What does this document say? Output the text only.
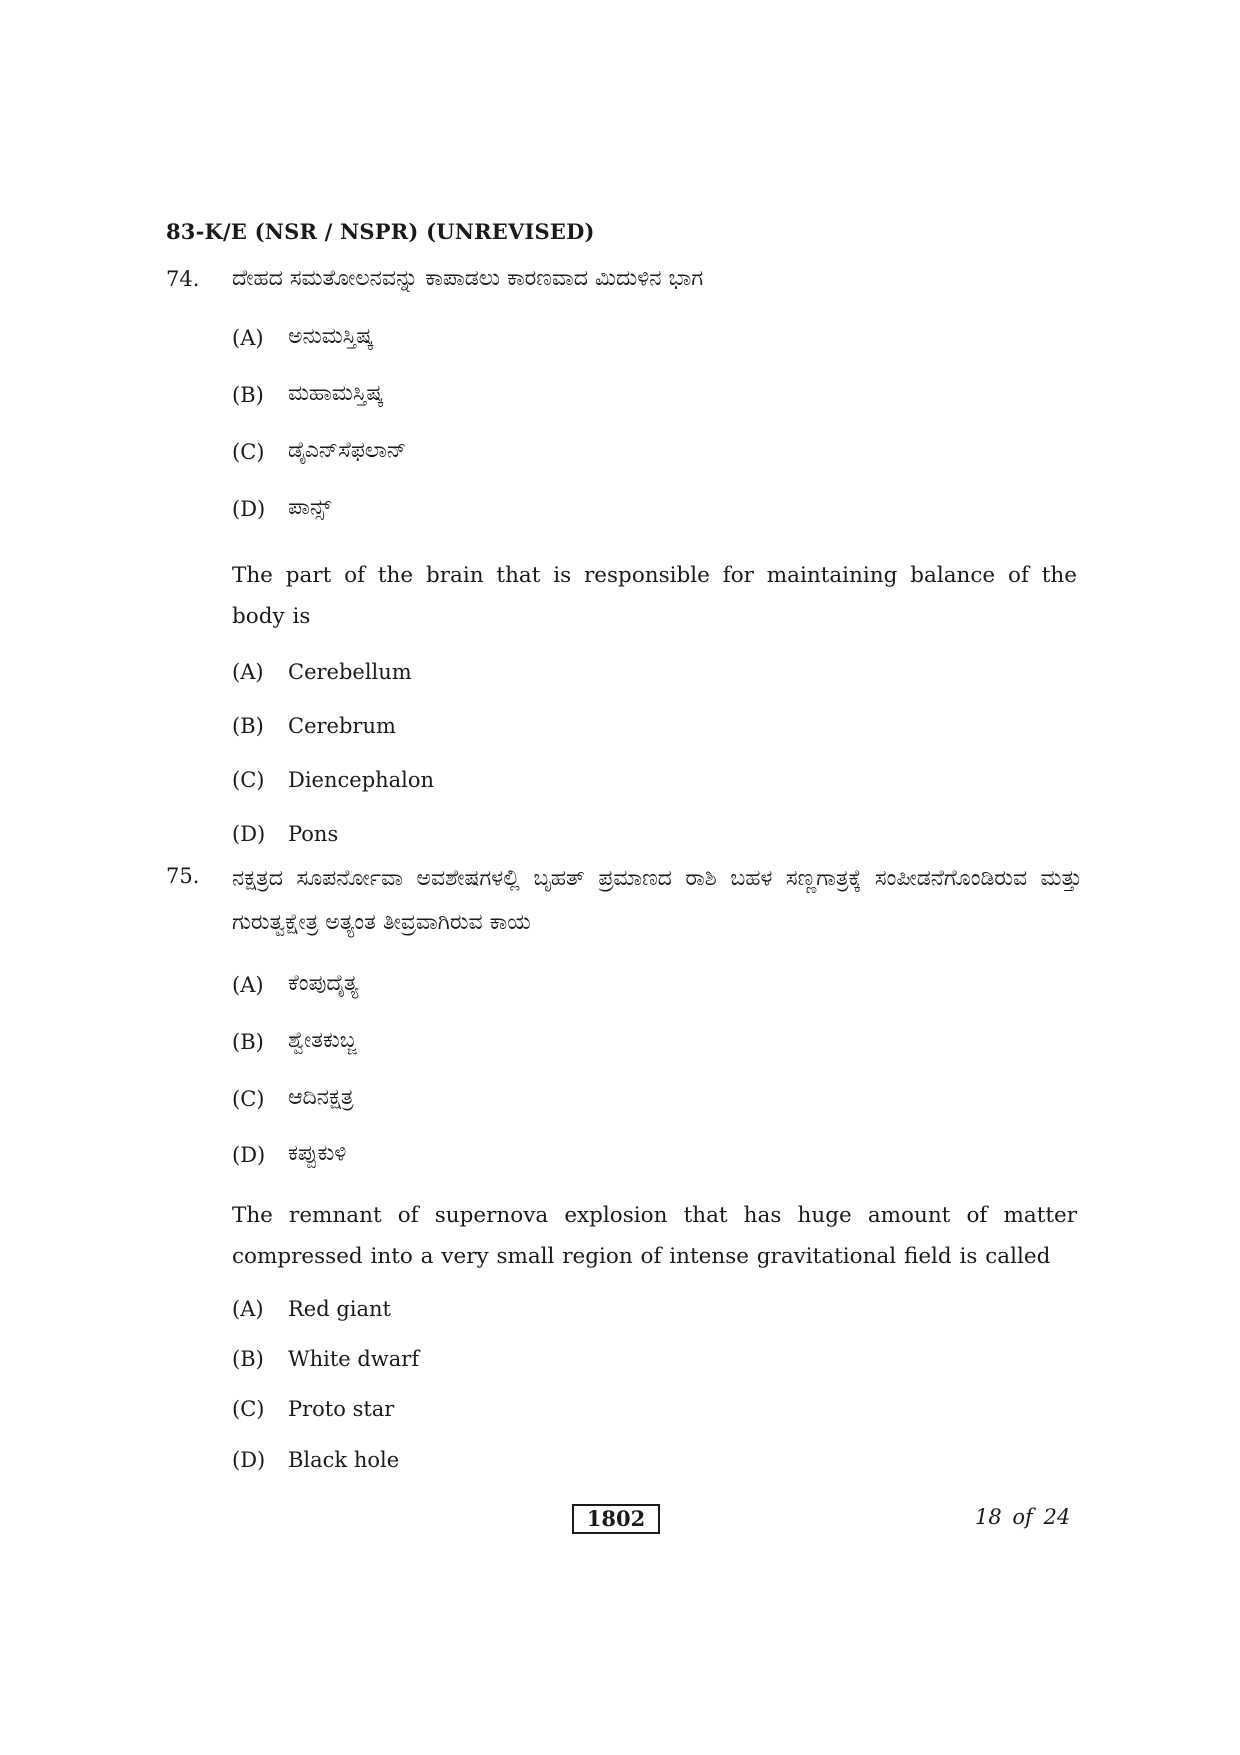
83-K/E (NSR / NSPR) (UNREVISED)
74. ದೇಹದ ಸಮತೋಲನವನ್ನು ಕಾಪಾಡಲು ಕಾರಣವಾದ ಮಿದುಳಿನ ಭಾಗ
(A) ಅನುಮಸ್ತಿಷ್ಕ
(B) ಮಹಾಮಸ್ತಿಷ್ಕ
(C) ಡೈಎನ್‌ಸೆಫಲಾನ್
(D) ಪಾನ್ಸ್
The part of the brain that is responsible for maintaining balance of the body is
(A) Cerebellum
(B) Cerebrum
(C) Diencephalon
(D) Pons
75. ನಕ್ಷತ್ರದ ಸೂಪರ್ನೋವಾ ಅವಶೇಷಗಳಲ್ಲಿ ಬೃಹತ್ ಪ್ರಮಾಣದ ರಾಶಿ ಬಹಳ ಸಣ್ಣಗಾತ್ರಕ್ಕೆ ಸಂಪೀಡನೆಗೊಂಡಿರುವ ಮತ್ತು ಗುರುತ್ವಕ್ಷೇತ್ರ ಅತ್ಯಂತ ತೀವ್ರವಾಗಿರುವ ಕಾಯ
(A) ಕೆಂಪುದೈತ್ಯ
(B) ಶ್ವೇತಕುಬ್ಜ
(C) ಆದಿನಕ್ಷತ್ರ
(D) ಕಪ್ಪುಕುಳಿ
The remnant of supernova explosion that has huge amount of matter compressed into a very small region of intense gravitational field is called
(A) Red giant
(B) White dwarf
(C) Proto star
(D) Black hole
1802	18 of 24
